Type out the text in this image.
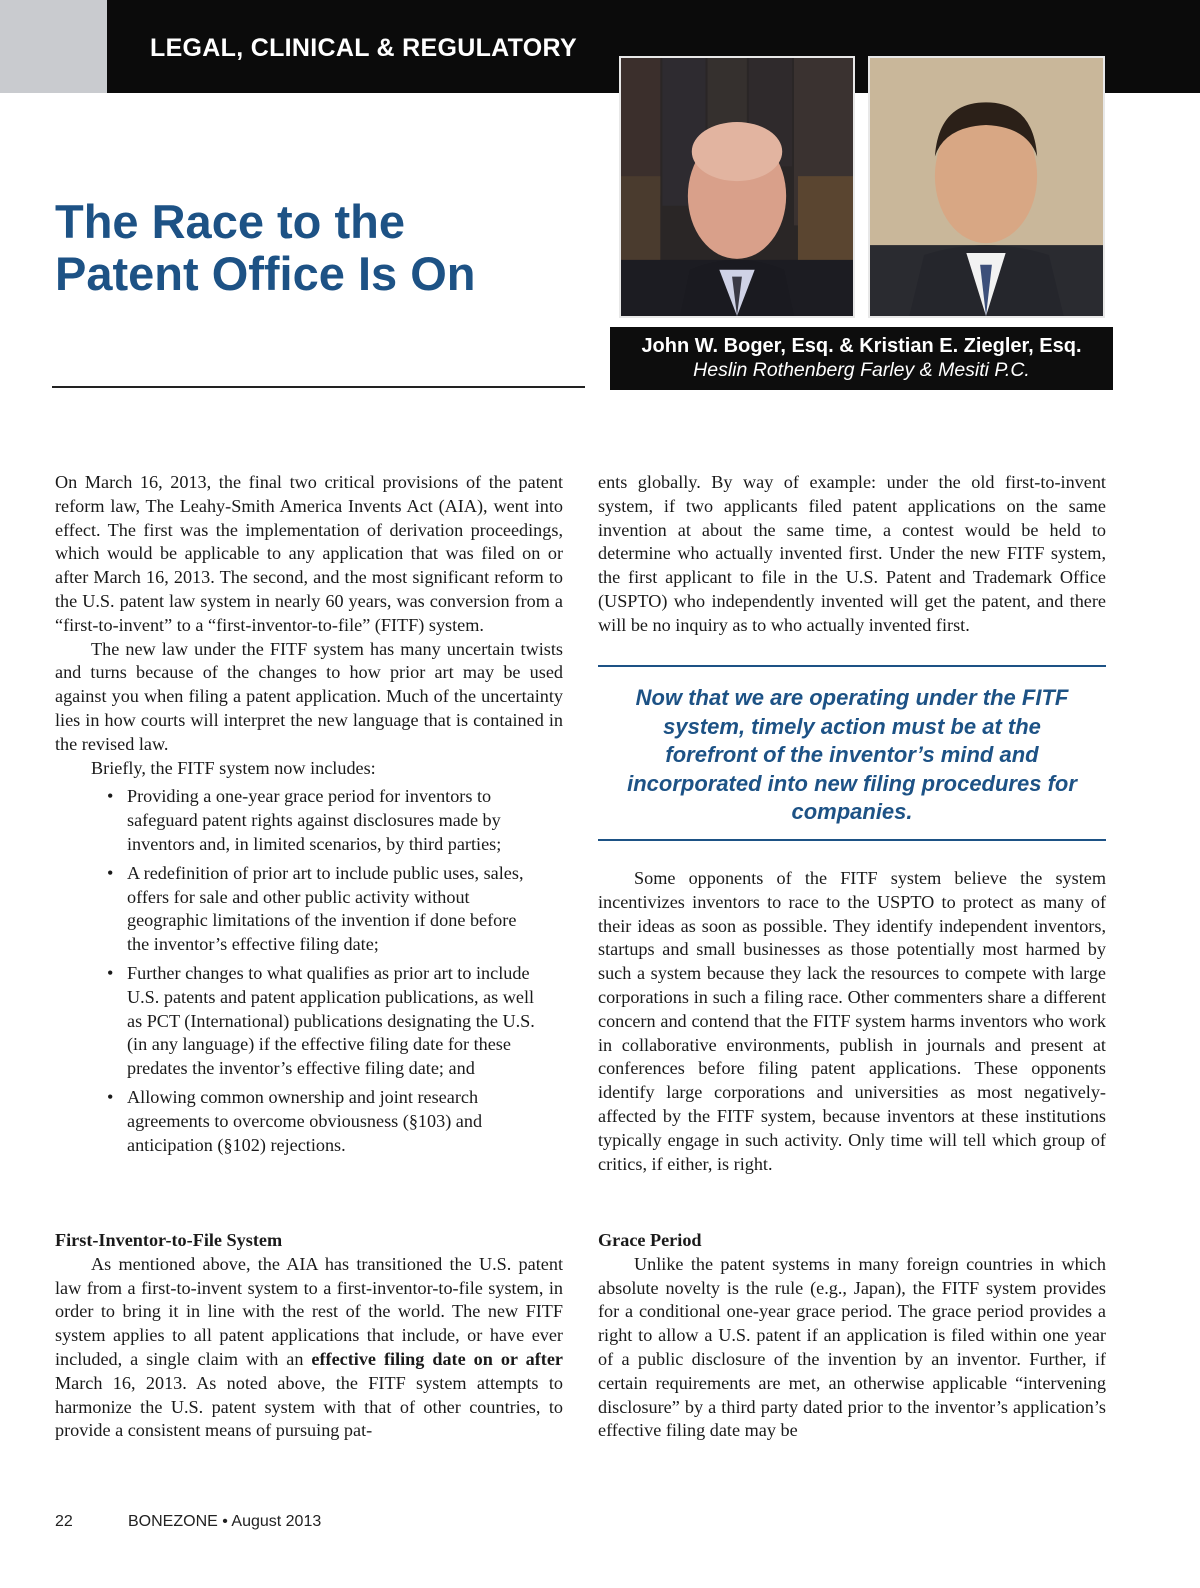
LEGAL, CLINICAL & REGULATORY
The Race to the
Patent Office Is On
John W. Boger, Esq. & Kristian E. Ziegler, Esq.
Heslin Rothenberg Farley & Mesiti P.C.

On March 16, 2013, the final two critical provisions of the patent reform law, The Leahy-Smith America Invents Act (AIA), went into effect. The first was the implementation of derivation proceedings, which would be applicable to any application that was filed on or after March 16, 2013. The second, and the most significant reform to the U.S. patent law system in nearly 60 years, was conversion from a “first-to-invent” to a “first-inventor-to-file” (FITF) system.

The new law under the FITF system has many uncertain twists and turns because of the changes to how prior art may be used against you when filing a patent application. Much of the uncertainty lies in how courts will interpret the new language that is contained in the revised law.

Briefly, the FITF system now includes:

• Providing a one-year grace period for inventors to safeguard patent rights against disclosures made by inventors and, in limited scenarios, by third parties;
• A redefinition of prior art to include public uses, sales, offers for sale and other public activity without geographic limitations of the invention if done before the inventor’s effective filing date;
• Further changes to what qualifies as prior art to include U.S. patents and patent application publications, as well as PCT (International) publications designating the U.S. (in any language) if the effective filing date for these predates the inventor’s effective filing date; and
• Allowing common ownership and joint research agreements to overcome obviousness (§103) and anticipation (§102) rejections.

First-Inventor-to-File System

As mentioned above, the AIA has transitioned the U.S. patent law from a first-to-invent system to a first-inventor-to-file system, in order to bring it in line with the rest of the world. The new FITF system applies to all patent applications that include, or have ever included, a single claim with an effective filing date on or after March 16, 2013. As noted above, the FITF system attempts to harmonize the U.S. patent system with that of other countries, to provide a consistent means of pursuing pat-

ents globally. By way of example: under the old first-to-invent system, if two applicants filed patent applications on the same invention at about the same time, a contest would be held to determine who actually invented first. Under the new FITF system, the first applicant to file in the U.S. Patent and Trademark Office (USPTO) who independently invented will get the patent, and there will be no inquiry as to who actually invented first.

Now that we are operating under the FITF system, timely action must be at the forefront of the inventor’s mind and incorporated into new filing procedures for companies.

Some opponents of the FITF system believe the system incentivizes inventors to race to the USPTO to protect as many of their ideas as soon as possible. They identify independent inventors, startups and small businesses as those potentially most harmed by such a system because they lack the resources to compete with large corporations in such a filing race. Other commenters share a different concern and contend that the FITF system harms inventors who work in collaborative environments, publish in journals and present at conferences before filing patent applications. These opponents identify large corporations and universities as most negatively-affected by the FITF system, because inventors at these institutions typically engage in such activity. Only time will tell which group of critics, if either, is right.

Grace Period

Unlike the patent systems in many foreign countries in which absolute novelty is the rule (e.g., Japan), the FITF system provides for a conditional one-year grace period. The grace period provides a right to allow a U.S. patent if an application is filed within one year of a public disclosure of the invention by an inventor. Further, if certain requirements are met, an otherwise applicable “intervening disclosure” by a third party dated prior to the inventor’s application’s effective filing date may be

22	BONEZONE • August 2013
